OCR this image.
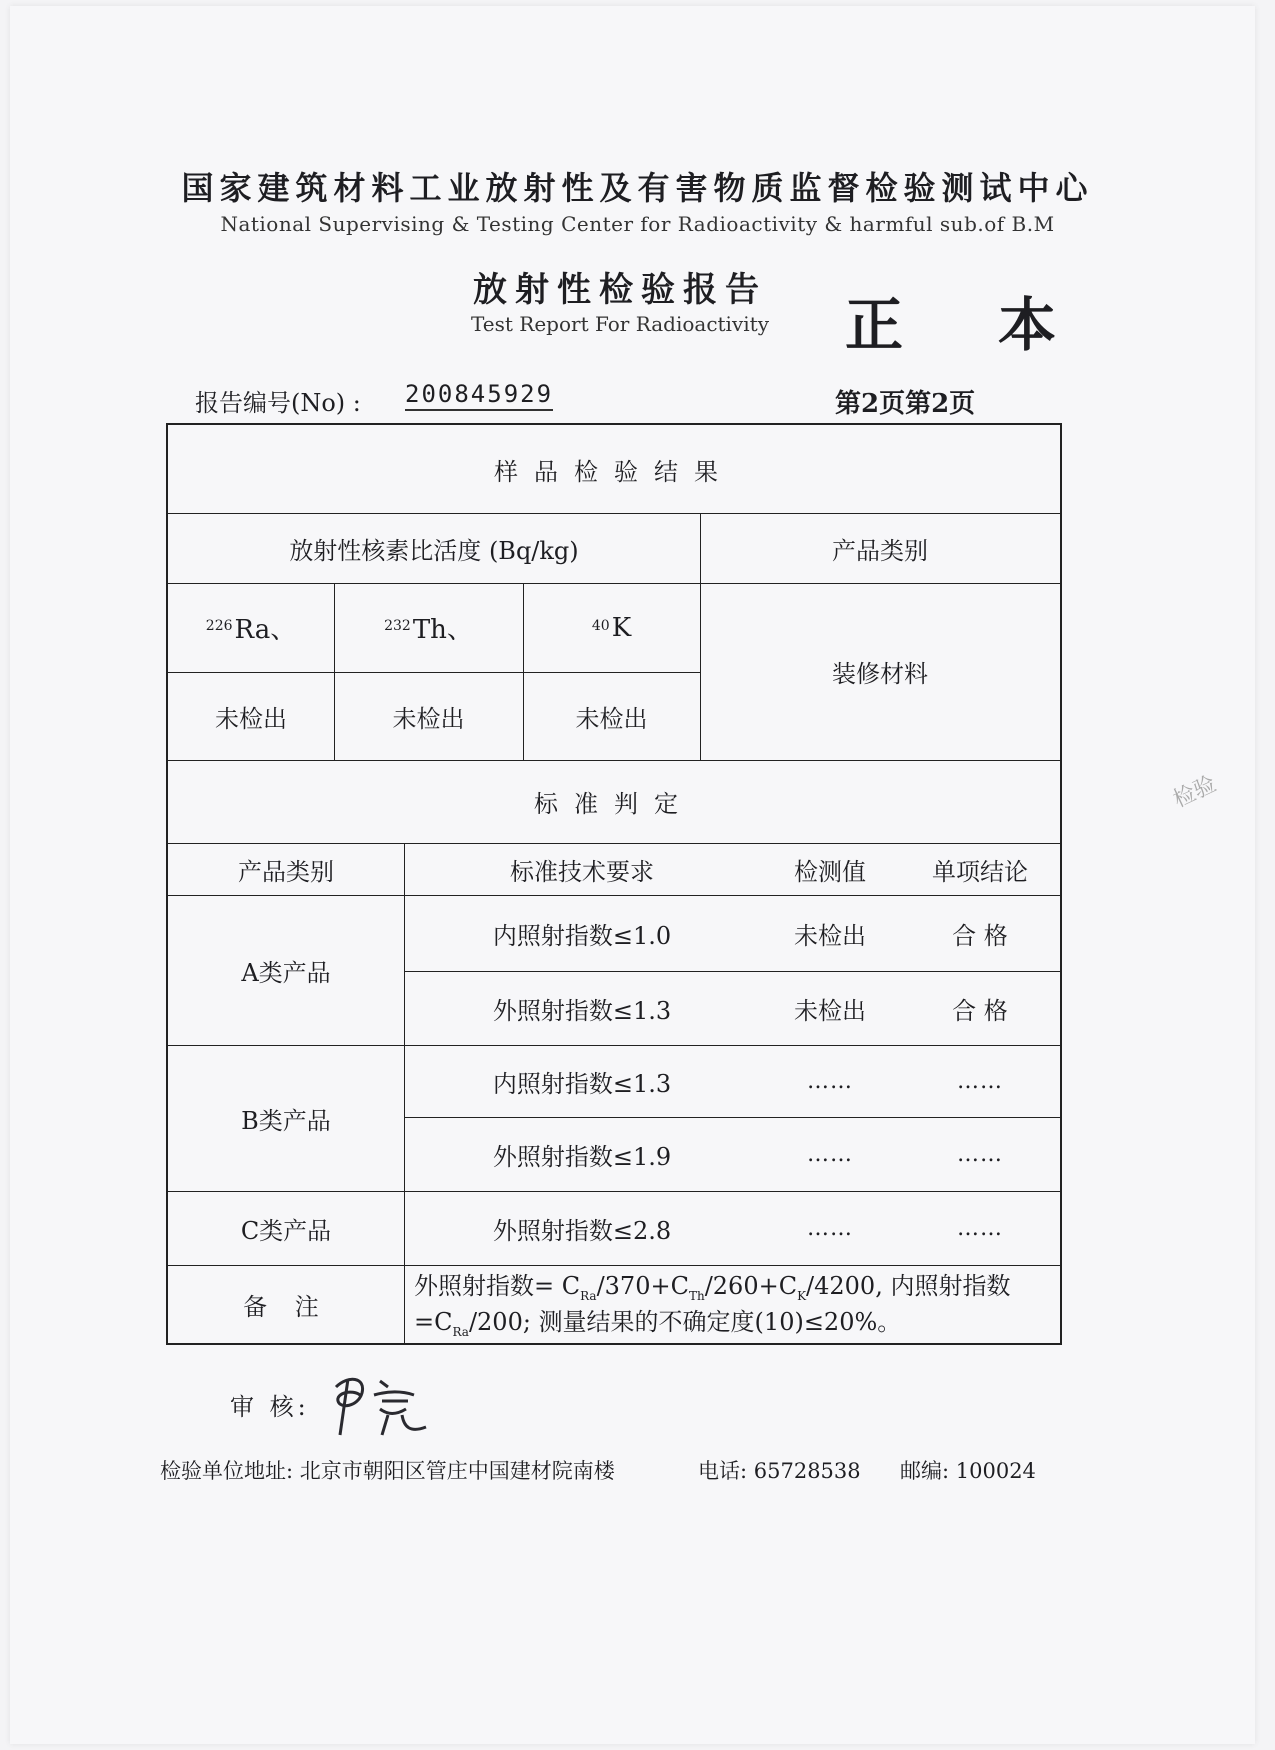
国家建筑材料工业放射性及有害物质监督检验测试中心
National Supervising & Testing Center for Radioactivity & harmful sub.of B.M
放射性检验报告
Test Report For Radioactivity	正本
报告编号(No) : 200845929	第2页第2页
样品检验结果
放射性核素比活度 (Bq/kg)	产品类别
$^{226}$ Ra、	$^{232}$ Th、	$^{40}$ K
未检出	未检出	未检出
装修材料
标准判定
产品类别	标准技术要求	检测值	单项结论
A类产品
内照射指数≤1.0	未检出	合 格
外照射指数≤1.3	未检出	合 格
B类产品
内照射指数≤1.3	……	……
外照射指数≤1.9	……	……
C类产品	外照射指数≤2.8	……	……
备 注
外照射指数= $C_{Ra}/370+C_{Th}/260+C_K/4200$, 内照射指数
$=C_{Ra}/200$; 测量结果的不确定度(10)≤20%。
审 核:
检验单位地址: 北京市朝阳区管庄中国建材院南楼	电话: 65728538 邮编: 100024
检验
